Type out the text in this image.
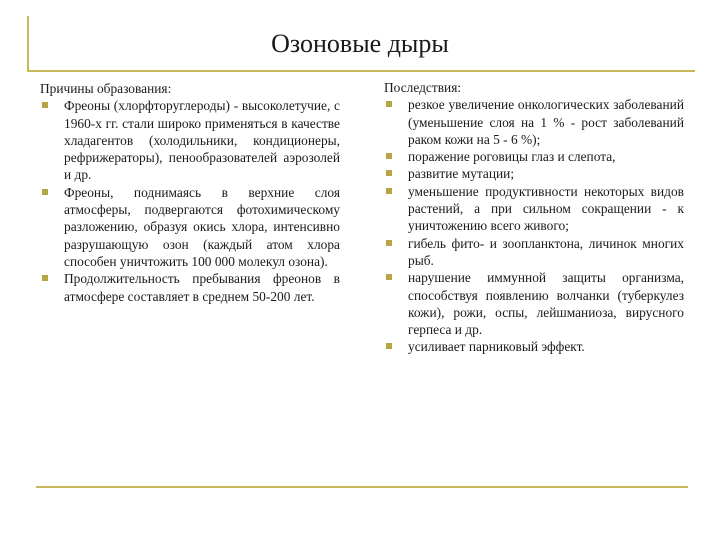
Озоновые дыры
Причины образования:
Фреоны (хлорфторуглероды) - высоколетучие, с 1960-х гг. стали широко применяться в качестве хладагентов (холодильники, кондиционеры, рефрижераторы), пенообразователей аэрозолей и др.
Фреоны, поднимаясь в верхние слоя атмосферы, подвергаются фотохимическому разложению, образуя окись хлора, интенсивно разрушающую озон (каждый атом хлора способен уничтожить 100 000 молекул озона).
Продолжительность пребывания фреонов в атмосфере составляет в среднем 50-200 лет.
Последствия:
резкое увеличение онкологических заболеваний (уменьшение слоя на 1 % - рост заболеваний раком кожи на 5 - 6 %);
поражение роговицы глаз и слепота,
развитие мутации;
уменьшение продуктивности некоторых видов растений, а при сильном сокращении - к уничтожению всего живого;
гибель фито- и зоопланктона, личинок многих рыб.
нарушение иммунной защиты организма, способствуя появлению волчанки (туберкулез кожи), рожи, оспы, лейшманиоза, вирусного герпеса и др.
усиливает парниковый эффект.
